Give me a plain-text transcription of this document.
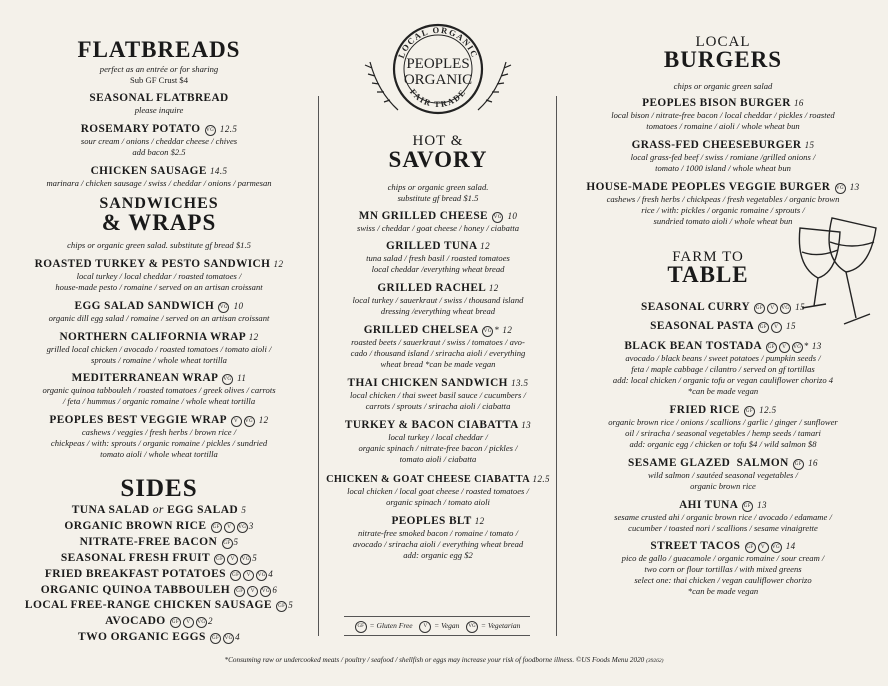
FLATBREADS
perfect as an entrée or for sharing
Sub GF Crust $4
SEASONAL FLATBREAD
please inquire
ROSEMARY POTATO VG 12.5
sour cream / onions / cheddar cheese / chives
add bacon $2.5
CHICKEN SAUSAGE 14.5
marinara / chicken sausage / swiss / cheddar / onions / parmesan
SANDWICHES
& WRAPS
chips or organic green salad. substitute gf bread $1.5
ROASTED TURKEY & PESTO SANDWICH 12
local turkey / local cheddar / roasted tomatoes /
house-made pesto / romaine / served on an artisan croissant
EGG SALAD SANDWICH VG 10
organic dill egg salad / romaine / served on an artisan croissant
NORTHERN CALIFORNIA WRAP 12
grilled local chicken / avocado / roasted tomatoes / tomato aioli /
sprouts / romaine / whole wheat tortilla
MEDITERRANEAN WRAP VG 11
organic quinoa tabbouleh / roasted tomatoes / greek olives / carrots
/ feta / hummus / organic romaine / whole wheat tortilla
PEOPLES BEST VEGGIE WRAP V VG 12
cashews / veggies / fresh herbs / brown rice /
chickpeas / with: sprouts / organic romaine / pickles / sundried
tomato aioli / whole wheat tortilla
SIDES
TUNA SALAD or EGG SALAD 5
ORGANIC BROWN RICE GF V VG 3
NITRATE-FREE BACON GF 5
SEASONAL FRESH FRUIT GF V VG 5
FRIED BREAKFAST POTATOES GF V VG 4
ORGANIC QUINOA TABBOULEH GF V VG 6
LOCAL FREE-RANGE CHICKEN SAUSAGE GF 5
AVOCADO GF V VG 2
TWO ORGANIC EGGS GF VG 4
LOCAL ORGANIC
FAIR TRADE
PEOPLES
ORGANIC
HOT &
SAVORY
chips or organic green salad.
substitute gf bread $1.5
MN GRILLED CHEESE VG 10
swiss / cheddar / goat cheese / honey / ciabatta
GRILLED TUNA 12
tuna salad / fresh basil / roasted tomatoes
local cheddar /everything wheat bread
GRILLED RACHEL 12
local turkey / sauerkraut / swiss / thousand island
dressing /everything wheat bread
GRILLED CHELSEA VG * 12
roasted beets / sauerkraut / swiss / tomatoes / avo-
cado / thousand island / sriracha aioli / everything
wheat bread *can be made vegan
THAI CHICKEN SANDWICH 13.5
local chicken / thai sweet basil sauce / cucumbers /
carrots / sprouts / sriracha aioli / ciabatta
TURKEY & BACON CIABATTA 13
local turkey / local cheddar /
organic spinach / nitrate-free bacon / pickles /
tomato aioli / ciabatta
CHICKEN & GOAT CHEESE CIABATTA 12.5
local chicken / local goat cheese / roasted tomatoes /
organic spinach / tomato aioli
PEOPLES BLT 12
nitrate-free smoked bacon / romaine / tomato /
avocado / sriracha aioli / everything wheat bread
add: organic egg $2
GF = Gluten Free V = Vegan VG = Vegetarian
LOCAL
BURGERS
chips or organic green salad
PEOPLES BISON BURGER 16
local bison / nitrate-free bacon / local cheddar / pickles / roasted
tomatoes / romaine / aioli / whole wheat bun
GRASS-FED CHEESEBURGER 15
local grass-fed beef / swiss / romiane /grilled onions /
tomato / 1000 island / whole wheat bun
HOUSE-MADE PEOPLES VEGGIE BURGER VG 13
cashews / fresh herbs / chickpeas / fresh vegetables / organic brown
rice / with: pickles / organic romaine / sprouts /
sundried tomato aioli / whole wheat bun
FARM TO
TABLE
SEASONAL CURRY GF V VG 15
SEASONAL PASTA GF V 15
BLACK BEAN TOSTADA GF V VG * 13
avocado / black beans / sweet potatoes / pumpkin seeds /
feta / maple cabbage / cilantro / served on gf tortillas
add: local chicken / organic tofu or vegan cauliflower chorizo 4
*can be made vegan
FRIED RICE GF 12.5
organic brown rice / onions / scallions / garlic / ginger / sunflower
oil / sriracha / seasonal vegetables / hemp seeds / tamari
add: organic egg / chicken or tofu $4 / wild salmon $8
SESAME GLAZED  SALMON GF 16
wild salmon / sautéed seasonal vegetables /
organic brown rice
AHI TUNA GF 13
sesame crusted ahi / organic brown rice / avocado / edamame /
cucumber / toasted nori / scallions / sesame vinaigrette
STREET TACOS GF V VG 14
pico de gallo / guacamole / organic romaine / sour cream /
two corn or flour tortillas / with mixed greens
select one: thai chicken / vegan cauliflower chorizo
*can be made vegan
*Consuming raw or undercooked meats / poultry / seafood / shellfish or eggs may increase your risk of foodborne illness. ©US Foods Menu 2020 (39262)
